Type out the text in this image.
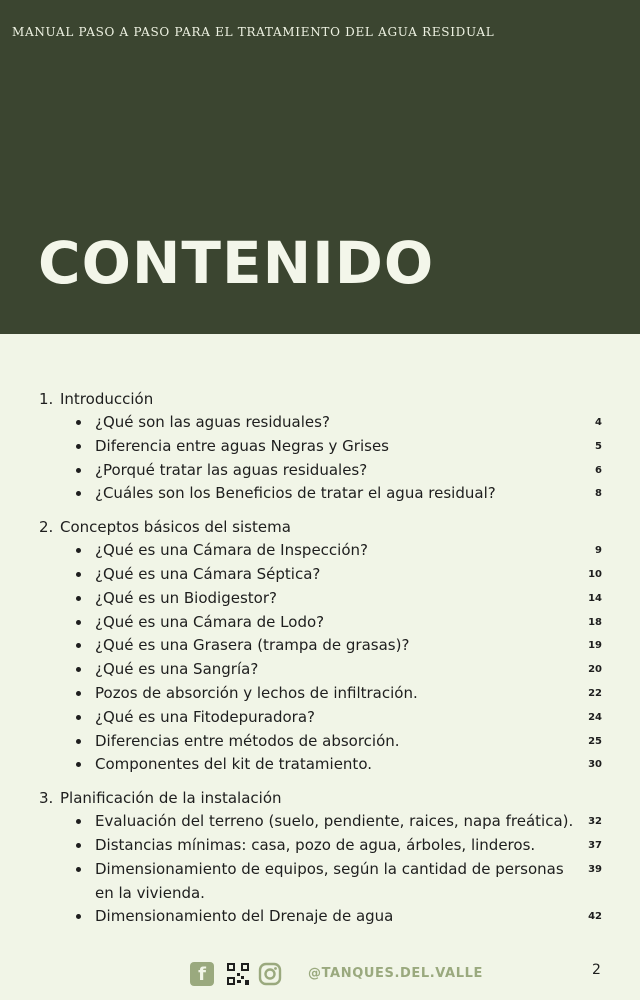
MANUAL PASO A PASO PARA EL TRATAMIENTO DEL AGUA RESIDUAL
CONTENIDO
1. Introducción
¿Qué son las aguas residuales?	4
Diferencia entre aguas Negras y Grises	5
¿Porqué tratar las aguas residuales?	6
¿Cuáles son los Beneficios de tratar el agua residual?	8
2. Conceptos básicos del sistema
¿Qué es una Cámara de Inspección?	9
¿Qué es una Cámara Séptica?	10
¿Qué es un Biodigestor?	14
¿Qué es una Cámara de Lodo?	18
¿Qué es una Grasera (trampa de grasas)?	19
¿Qué es una Sangría?	20
Pozos de absorción y lechos de infiltración.	22
¿Qué es una Fitodepuradora?	24
Diferencias entre métodos de absorción.	25
Componentes del kit de tratamiento.	30
3. Planificación de la instalación
Evaluación del terreno (suelo, pendiente, raices, napa freática). 32
Distancias mínimas: casa, pozo de agua, árboles, linderos.	37
Dimensionamiento de equipos, según la cantidad de personas en la vivienda.
39
Dimensionamiento del Drenaje de agua	42
f	@TANQUES.DEL.VALLE	2
